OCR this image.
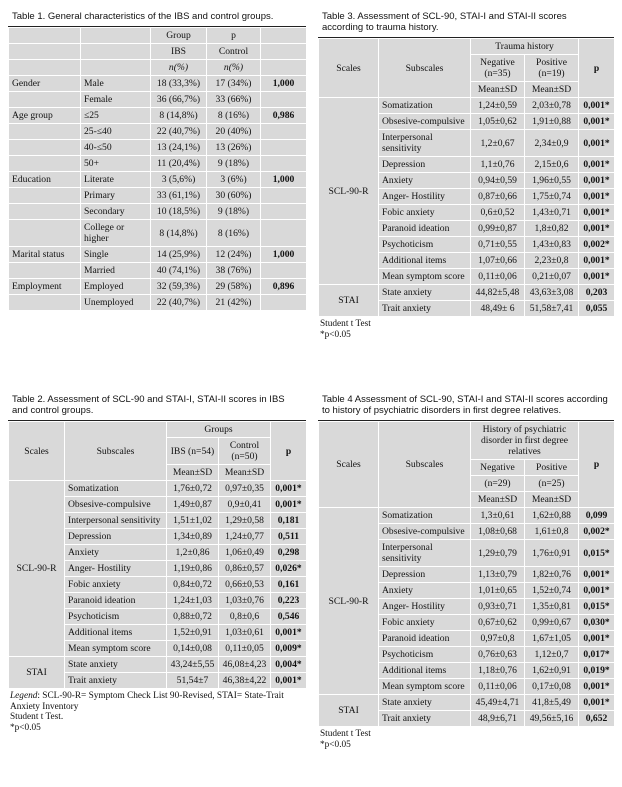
Table 1. General characteristics of the IBS and control groups.
		Group	p	
		IBS	Control	
		n(%)	n(%)	
Gender	Male	18 (33,3%)	17 (34%)	1,000
	Female	36 (66,7%)	33 (66%)	
Age group	≤25	8 (14,8%)	8 (16%)	0,986
	25-≤40	22 (40,7%)	20 (40%)	
	40-≤50	13 (24,1%)	13 (26%)	
	50+	11 (20,4%)	9 (18%)	
Education	Literate	3 (5,6%)	3 (6%)	1,000
	Primary	33 (61,1%)	30 (60%)	
	Secondary	10 (18,5%)	9 (18%)	
	College or higher	8 (14,8%)	8 (16%)	
Marital status	Single	14 (25,9%)	12 (24%)	1,000
	Married	40 (74,1%)	38 (76%)	
Employment	Employed	32 (59,3%)	29 (58%)	0,896
	Unemployed	22 (40,7%)	21 (42%)	
Table 3. Assessment of SCL-90, STAI-I and STAI-II scores according to trauma history.
Scales	Subscales	Trauma history		p
		Negative (n=35)	Positive (n=19)	
		Mean±SD	Mean±SD	
SCL-90-R	Somatization	1,24±0,59	2,03±0,78	0,001*
	Obsesive-compulsive	1,05±0,62	1,91±0,88	0,001*
	Interpersonal sensitivity	1,2±0,67	2,34±0,9	0,001*
	Depression	1,1±0,76	2,15±0,6	0,001*
	Anxiety	0,94±0,59	1,96±0,55	0,001*
	Anger- Hostility	0,87±0,66	1,75±0,74	0,001*
	Fobic anxiety	0,6±0,52	1,43±0,71	0,001*
	Paranoid ideation	0,99±0,87	1,8±0,82	0,001*
	Psychoticism	0,71±0,55	1,43±0,83	0,002*
	Additional items	1,07±0,66	2,23±0,8	0,001*
	Mean symptom score	0,11±0,06	0,21±0,07	0,001*
STAI	State anxiety	44,82±5,48	43,63±3,08	0,203
	Trait anxiety	48,49± 6	51,58±7,41	0,055
Student t Test
*p<0.05
Table 2. Assessment of SCL-90 and STAI-I, STAI-II scores in IBS and control groups.
Scales	Subscales	Groups		p
		IBS (n=54)	Control (n=50)	
		Mean±SD	Mean±SD	
SCL-90-R	Somatization	1,76±0,72	0,97±0,35	0,001*
	Obsesive-compulsive	1,49±0,87	0,9±0,41	0,001*
	Interpersonal sensitivity	1,51±1,02	1,29±0,58	0,181
	Depression	1,34±0,89	1,24±0,77	0,511
	Anxiety	1,2±0,86	1,06±0,49	0,298
	Anger- Hostility	1,19±0,86	0,86±0,57	0,026*
	Fobic anxiety	0,84±0,72	0,66±0,53	0,161
	Paranoid ideation	1,24±1,03	1,03±0,76	0,223
	Psychoticism	0,88±0,72	0,8±0,6	0,546
	Additional items	1,52±0,91	1,03±0,61	0,001*
	Mean symptom score	0,14±0,08	0,11±0,05	0,009*
STAI	State anxiety	43,24±5,55	46,08±4,23	0,004*
	Trait anxiety	51,54±7	46,38±4,22	0,001*
Legend: SCL-90-R= Symptom Check List 90-Revised, STAI= State-Trait Anxiety Inventory
Student t Test.
*p<0.05
Table 4 Assessment of SCL-90, STAI-I and STAI-II scores according to history of psychiatric disorders in first degree relatives.
Scales	Subscales	History of psychiatric disorder in first degree relatives		p
		Negative	Positive	
		(n=29)	(n=25)	
		Mean±SD	Mean±SD	
SCL-90-R	Somatization	1,3±0,61	1,62±0,88	0,099
	Obsesive-compulsive	1,08±0,68	1,61±0,8	0,002*
	Interpersonal sensitivity	1,29±0,79	1,76±0,91	0,015*
	Depression	1,13±0,79	1,82±0,76	0,001*
	Anxiety	1,01±0,65	1,52±0,74	0,001*
	Anger- Hostility	0,93±0,71	1,35±0,81	0,015*
	Fobic anxiety	0,67±0,62	0,99±0,67	0,030*
	Paranoid ideation	0,97±0,8	1,67±1,05	0,001*
	Psychoticism	0,76±0,63	1,12±0,7	0,017*
	Additional items	1,18±0,76	1,62±0,91	0,019*
	Mean symptom score	0,11±0,06	0,17±0,08	0,001*
STAI	State anxiety	45,49±4,71	41,8±5,49	0,001*
	Trait anxiety	48,9±6,71	49,56±5,16	0,652
Student t Test
*p<0.05
